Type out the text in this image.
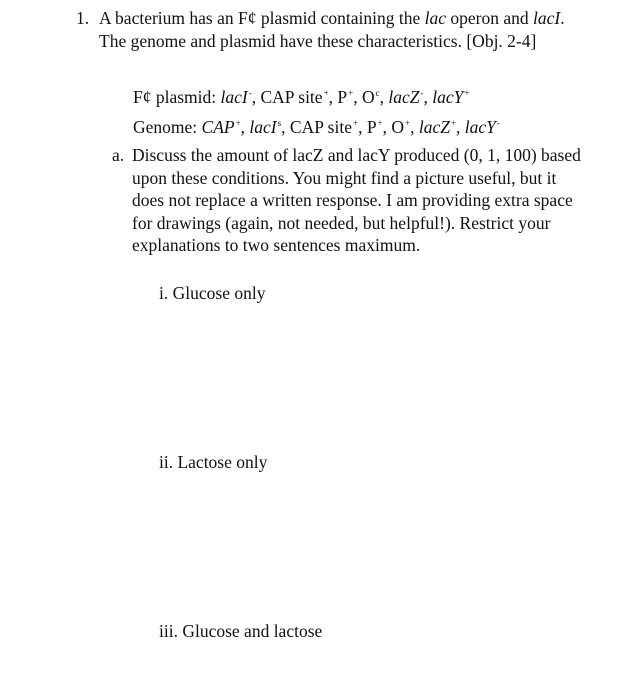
1. A bacterium has an F¢ plasmid containing the lac operon and lacI. The genome and plasmid have these characteristics. [Obj. 2-4]
F¢ plasmid: lacI-, CAP site+, P+, $O^c$, lacZ-, lacY+
Genome: CAP+, lacI$^s$, CAP site+, P+, O+, lacZ+, lacY-
a. Discuss the amount of lacZ and lacY produced (0, 1, 100) based upon these conditions. You might find a picture useful, but it does not replace a written response. I am providing extra space for drawings (again, not needed, but helpful!). Restrict your explanations to two sentences maximum.
i. Glucose only
ii. Lactose only
iii. Glucose and lactose
